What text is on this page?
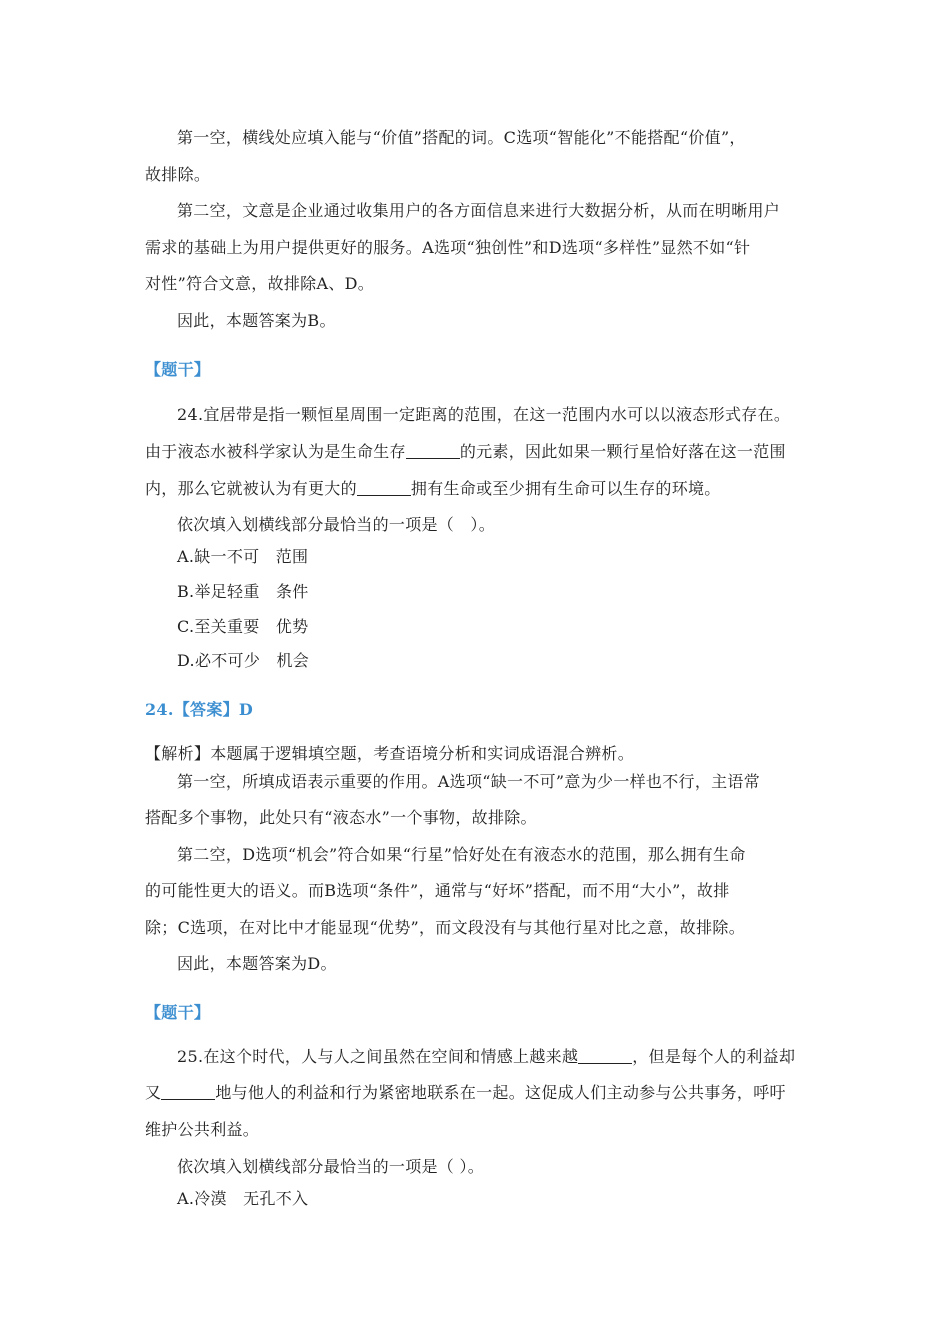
第一空，横线处应填入能与“价值”搭配的词。C选项“智能化”不能搭配“价值”，
故排除。
第二空，文意是企业通过收集用户的各方面信息来进行大数据分析，从而在明晰用户
需求的基础上为用户提供更好的服务。A选项“独创性”和D选项“多样性”显然不如“针
对性”符合文意，故排除A、D。
因此，本题答案为B。
【题干】
24.宜居带是指一颗恒星周围一定距离的范围，在这一范围内水可以以液态形式存在。
由于液态水被科学家认为是生命生存	的元素，因此如果一颗行星恰好落在这一范围
内，那么它就被认为有更大的	拥有生命或至少拥有生命可以生存的环境。
依次填入划横线部分最恰当的一项是（　）。
A.缺一不可　范围
B.举足轻重　条件
C.至关重要　优势
D.必不可少　机会
24.【答案】D
【解析】本题属于逻辑填空题，考查语境分析和实词成语混合辨析。
第一空，所填成语表示重要的作用。A选项“缺一不可”意为少一样也不行，主语常
搭配多个事物，此处只有“液态水”一个事物，故排除。
第二空，D选项“机会”符合如果“行星”恰好处在有液态水的范围，那么拥有生命
的可能性更大的语义。而B选项“条件”，通常与“好坏”搭配，而不用“大小”，故排
除；C选项，在对比中才能显现“优势”，而文段没有与其他行星对比之意，故排除。
因此，本题答案为D。
【题干】
25.在这个时代，人与人之间虽然在空间和情感上越来越	，但是每个人的利益却
又	地与他人的利益和行为紧密地联系在一起。这促成人们主动参与公共事务，呼吁
维护公共利益。
依次填入划横线部分最恰当的一项是（ ）。
A.冷漠　无孔不入
